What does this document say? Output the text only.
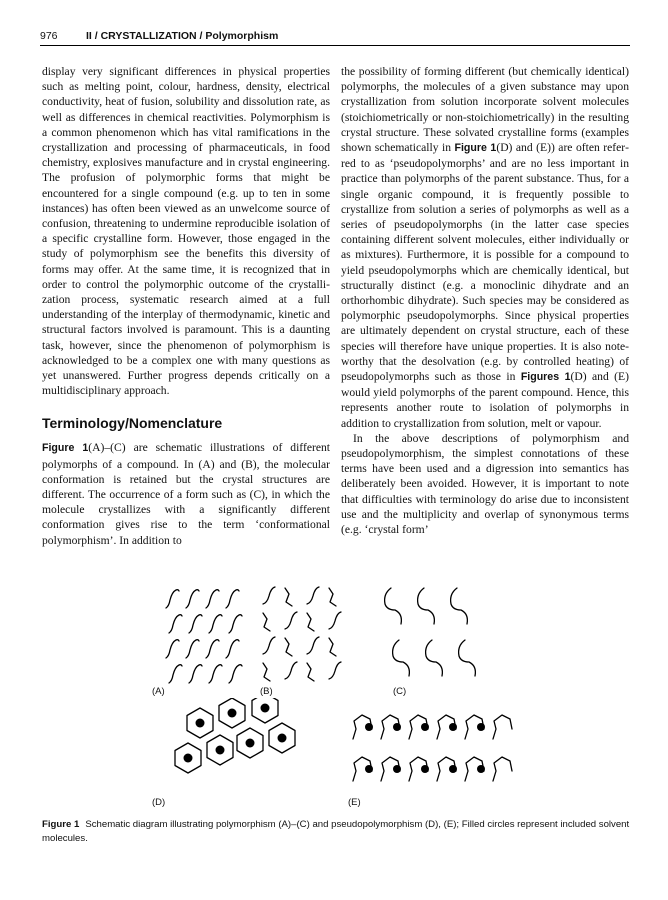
976	II / CRYSTALLIZATION / Polymorphism

display very significant differences in physical properties such as melting point, colour, hardness, density, electrical conductivity, heat of fusion, solubility and dissolution rate, as well as differences in chemical reactivities. Polymorphism is a common phenomenon which has vital ramifications in the crystallization and processing of pharmaceuticals, in food chemistry, explosives manufacture and in crystal engineering. The profusion of polymorphic forms that might be encountered for a single compound (e.g. up to ten in some instances) has often been viewed as an unwelcome source of confusion, threatening to undermine reproducible isolation of a specific crystalline form. However, those engaged in the study of polymorphism see the benefits this diversity of forms may offer. At the same time, it is recognized that in order to control the polymorphic outcome of the crystallization process, systematic research aimed at a full understanding of the interplay of thermodynamic, kinetic and structural factors involved is paramount. This is a daunting task, however, since the phenomenon of polymorphism is acknowledged to be a complex one with many questions as yet unanswered. Further progress depends critically on a multidisciplinary approach.

Terminology/Nomenclature

Figure 1(A)–(C) are schematic illustrations of different polymorphs of a compound. In (A) and (B), the molecular conformation is retained but the crystal structures are different. The occurrence of a form such as (C), in which the molecule crystallizes with a significantly different conformation gives rise to the term ‘conformational polymorphism’. In addition to

the possibility of forming different (but chemically identical) polymorphs, the molecules of a given substance may upon crystallization from solution incorporate solvent molecules (stoichiometrically or non-stoichiometrically) in the resulting crystal structure. These solvated crystalline forms (examples shown schematically in Figure 1(D) and (E)) are often referred to as ‘pseudopolymorphs’ and are no less important in practice than polymorphs of the parent substance. Thus, for a single organic compound, it is frequently possible to crystallize from solution a series of polymorphs as well as a series of pseudopolymorphs (in the latter case species containing different solvent molecules, either individually or as mixtures). Furthermore, it is possible for a compound to yield pseudopolymorphs which are chemically identical, but structurally distinct (e.g. a monoclinic dihydrate and an orthorhombic dihydrate). Such species may be considered as polymorphic pseudopolymorphs. Since physical properties are ultimately dependent on crystal structure, each of these species will therefore have unique properties. It is also noteworthy that the desolvation (e.g. by controlled heating) of pseudopolymorphs such as those in Figures 1(D) and (E) would yield polymorphs of the parent compound. Hence, this represents another route to isolation of polymorphs in addition to crystallization from solution, melt or vapour.

In the above descriptions of polymorphism and pseudopolymorphism, the simplest connotations of these terms have been used and a digression into semantics has deliberately been avoided. However, it is important to note that difficulties with terminology do arise due to inconsistent use and the multiplicity and overlap of synonymous terms (e.g. ‘crystal form’

(A)	(B)	(C)
(D)	(E)
Figure 1 Schematic diagram illustrating polymorphism (A)–(C) and pseudopolymorphism (D), (E); Filled circles represent included solvent molecules.
